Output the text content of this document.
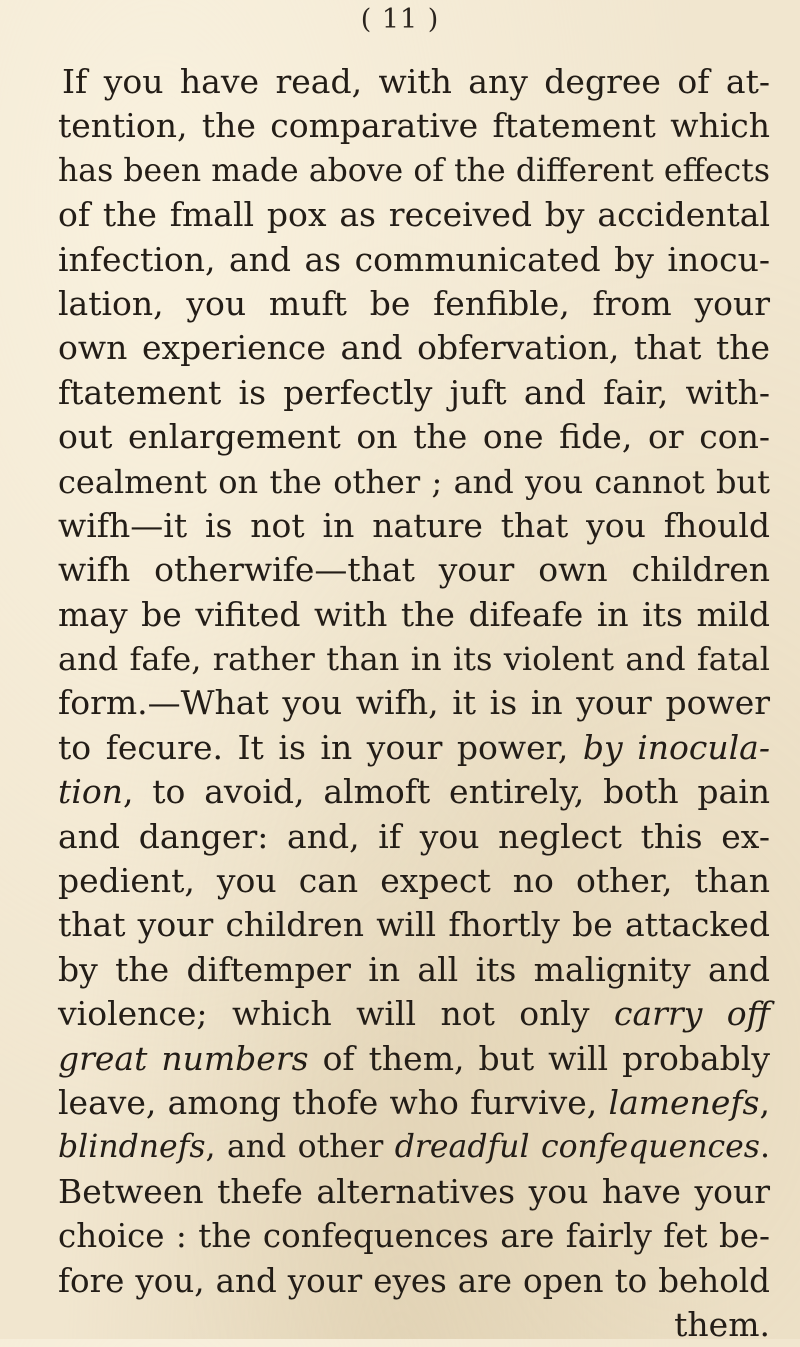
( 11 )
If you have read, with any degree of at-
tention, the comparative ftatement which
has been made above of the different effects
of the fmall pox as received by accidental
infection, and as communicated by inocu-
lation, you muft be fenfible, from your
own experience and obfervation, that the
ftatement is perfectly juft and fair, with-
out enlargement on the one fide, or con-
cealment on the other ; and you cannot but
wifh—it is not in nature that you fhould
wifh otherwife—that your own children
may be vifited with the difeafe in its mild
and fafe, rather than in its violent and fatal
form.—What you wifh, it is in your power
to fecure. It is in your power, by inocula-
tion, to avoid, almoft entirely, both pain
and danger: and, if you neglect this ex-
pedient, you can expect no other, than
that your children will fhortly be attacked
by the diftemper in all its malignity and
violence; which will not only carry off
great numbers of them, but will probably
leave, among thofe who furvive, lamenefs,
blindnefs, and other dreadful confequences.
Between thefe alternatives you have your
choice : the confequences are fairly fet be-
fore you, and your eyes are open to behold
them.
